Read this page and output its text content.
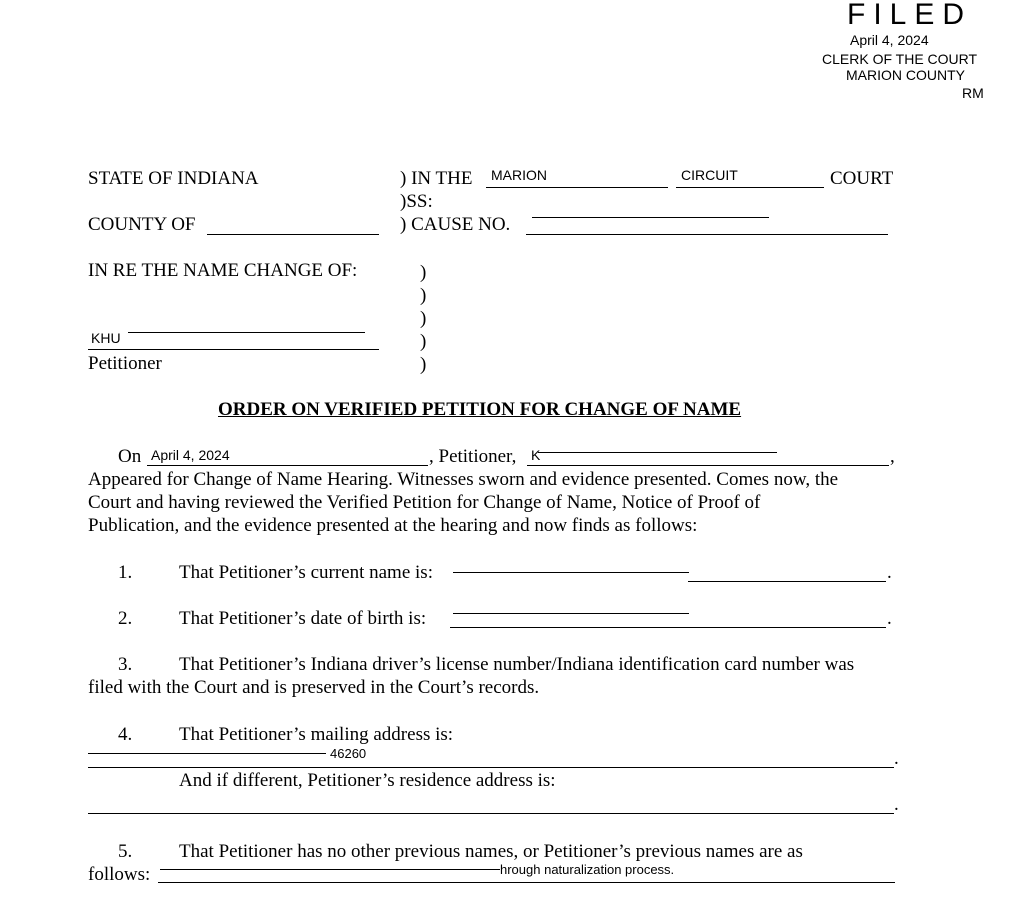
FILED
April 4, 2024
CLERK OF THE COURT
MARION COUNTY
RM
STATE OF INDIANA	) IN THE MARION	CIRCUIT	COURT
)SS:
COUNTY OF	) CAUSE NO.
IN RE THE NAME CHANGE OF:	)
)
)
)
)
KHU
Petitioner
ORDER ON VERIFIED PETITION FOR CHANGE OF NAME
On April 4, 2024	, Petitioner, K	,
Appeared for Change of Name Hearing. Witnesses sworn and evidence presented. Comes now, the
Court and having reviewed the Verified Petition for Change of Name, Notice of Proof of
Publication, and the evidence presented at the hearing and now finds as follows:
1. That Petitioner’s current name is:	.
2. That Petitioner’s date of birth is:	.
3. That Petitioner’s Indiana driver’s license number/Indiana identification card number was
filed with the Court and is preserved in the Court’s records.
4. That Petitioner’s mailing address is:
46260	.
And if different, Petitioner’s residence address is:
.
5. That Petitioner has no other previous names, or Petitioner’s previous names are as
follows:	hrough naturalization process.
